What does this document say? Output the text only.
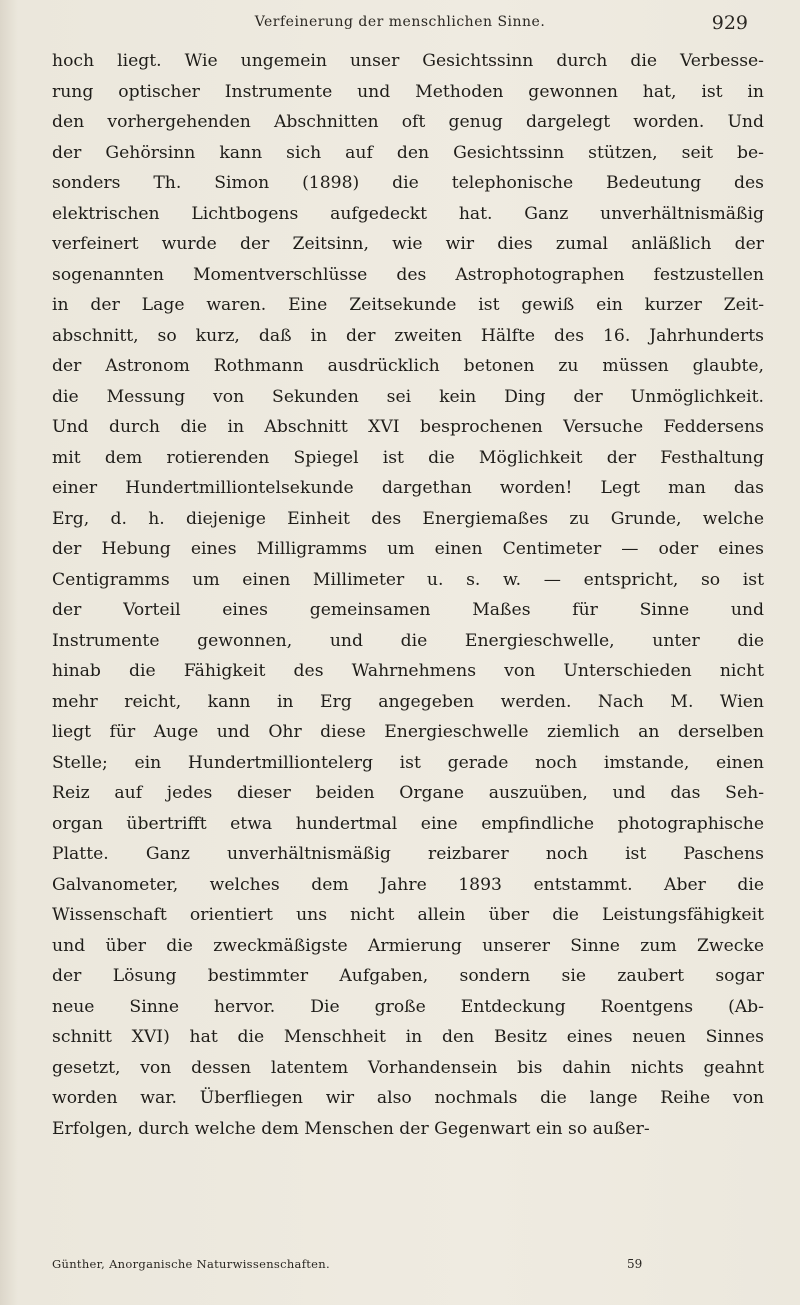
Verfeinerung der menschlichen Sinne.	929
hoch liegt. Wie ungemein unser Gesichtssinn durch die Verbesse-
rung optischer Instrumente und Methoden gewonnen hat, ist in
den vorhergehenden Abschnitten oft genug dargelegt worden. Und
der Gehörsinn kann sich auf den Gesichtssinn stützen, seit be-
sonders Th. Simon (1898) die telephonische Bedeutung des
elektrischen Lichtbogens aufgedeckt hat. Ganz unverhältnismäßig
verfeinert wurde der Zeitsinn, wie wir dies zumal anläßlich der
sogenannten Momentverschlüsse des Astrophotographen festzustellen
in der Lage waren. Eine Zeitsekunde ist gewiß ein kurzer Zeit-
abschnitt, so kurz, daß in der zweiten Hälfte des 16. Jahrhunderts
der Astronom Rothmann ausdrücklich betonen zu müssen glaubte,
die Messung von Sekunden sei kein Ding der Unmöglichkeit.
Und durch die in Abschnitt XVI besprochenen Versuche Feddersens
mit dem rotierenden Spiegel ist die Möglichkeit der Festhaltung
einer Hundertmilliontelsekunde dargethan worden! Legt man das
Erg, d. h. diejenige Einheit des Energiemaßes zu Grunde, welche
der Hebung eines Milligramms um einen Centimeter — oder eines
Centigramms um einen Millimeter u. s. w. — entspricht, so ist
der Vorteil eines gemeinsamen Maßes für Sinne und
Instrumente gewonnen, und die Energieschwelle, unter die
hinab die Fähigkeit des Wahrnehmens von Unterschieden nicht
mehr reicht, kann in Erg angegeben werden. Nach M. Wien
liegt für Auge und Ohr diese Energieschwelle ziemlich an derselben
Stelle; ein Hundertmilliontelerg ist gerade noch imstande, einen
Reiz auf jedes dieser beiden Organe auszuüben, und das Seh-
organ übertrifft etwa hundertmal eine empfindliche photographische
Platte. Ganz unverhältnismäßig reizbarer noch ist Paschens
Galvanometer, welches dem Jahre 1893 entstammt. Aber die
Wissenschaft orientiert uns nicht allein über die Leistungsfähigkeit
und über die zweckmäßigste Armierung unserer Sinne zum Zwecke
der Lösung bestimmter Aufgaben, sondern sie zaubert sogar
neue Sinne hervor. Die große Entdeckung Roentgens (Ab-
schnitt XVI) hat die Menschheit in den Besitz eines neuen Sinnes
gesetzt, von dessen latentem Vorhandensein bis dahin nichts geahnt
worden war. Überfliegen wir also nochmals die lange Reihe von
Erfolgen, durch welche dem Menschen der Gegenwart ein so außer-
Günther, Anorganische Naturwissenschaften.	59
